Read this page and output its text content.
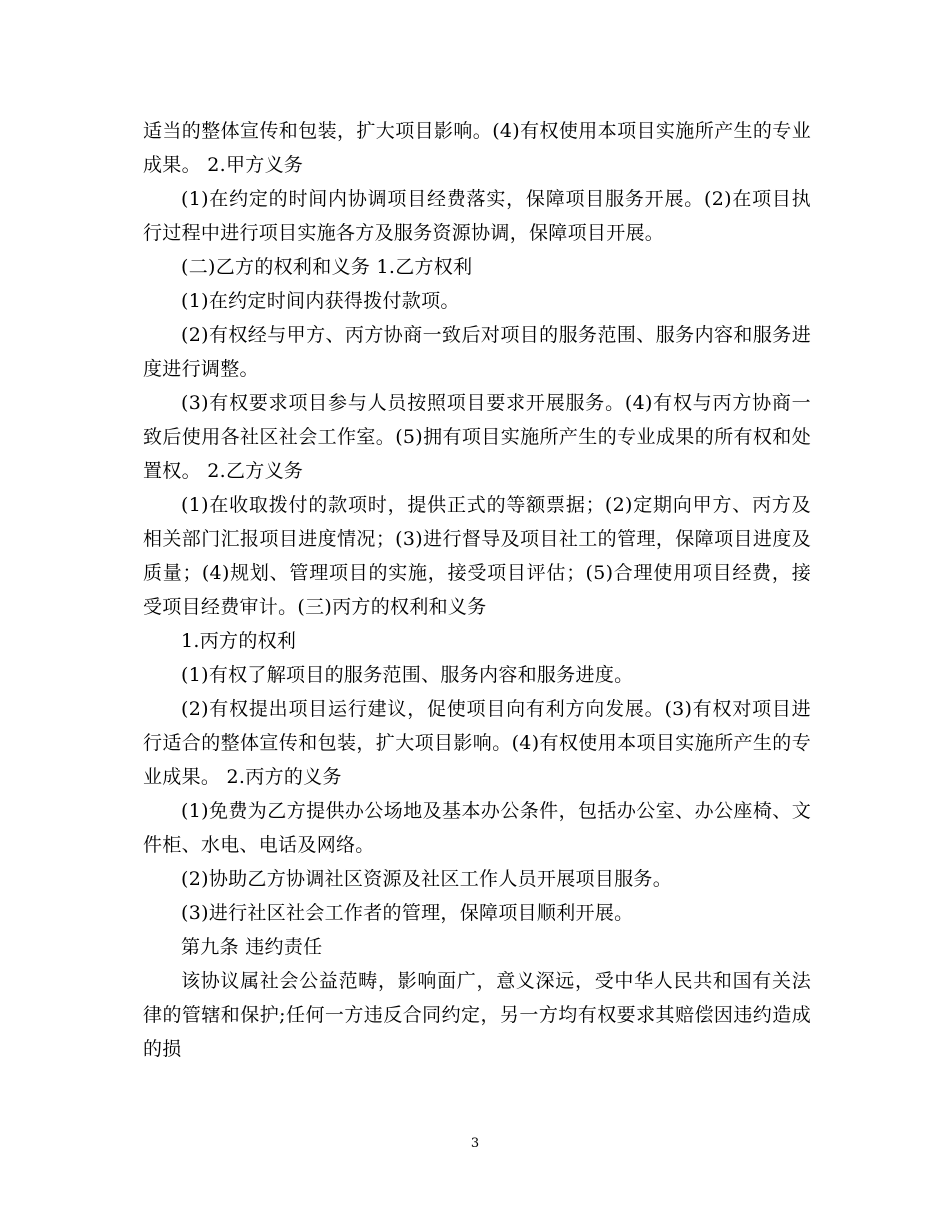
适当的整体宣传和包装，扩大项目影响。(4)有权使用本项目实施所产生的专业成果。 2.甲方义务

(1)在约定的时间内协调项目经费落实，保障项目服务开展。(2)在项目执行过程中进行项目实施各方及服务资源协调，保障项目开展。

(二)乙方的权利和义务 1.乙方权利

(1)在约定时间内获得拨付款项。

(2)有权经与甲方、丙方协商一致后对项目的服务范围、服务内容和服务进度进行调整。

(3)有权要求项目参与人员按照项目要求开展服务。(4)有权与丙方协商一致后使用各社区社会工作室。(5)拥有项目实施所产生的专业成果的所有权和处置权。 2.乙方义务

(1)在收取拨付的款项时，提供正式的等额票据；(2)定期向甲方、丙方及相关部门汇报项目进度情况；(3)进行督导及项目社工的管理，保障项目进度及质量；(4)规划、管理项目的实施，接受项目评估；(5)合理使用项目经费，接受项目经费审计。(三)丙方的权利和义务

1.丙方的权利

(1)有权了解项目的服务范围、服务内容和服务进度。

(2)有权提出项目运行建议，促使项目向有利方向发展。(3)有权对项目进行适合的整体宣传和包装，扩大项目影响。(4)有权使用本项目实施所产生的专业成果。 2.丙方的义务

(1)免费为乙方提供办公场地及基本办公条件，包括办公室、办公座椅、文件柜、水电、电话及网络。

(2)协助乙方协调社区资源及社区工作人员开展项目服务。

(3)进行社区社会工作者的管理，保障项目顺利开展。

第九条 违约责任

该协议属社会公益范畴，影响面广，意义深远，受中华人民共和国有关法律的管辖和保护;任何一方违反合同约定，另一方均有权要求其赔偿因违约造成的损

3
